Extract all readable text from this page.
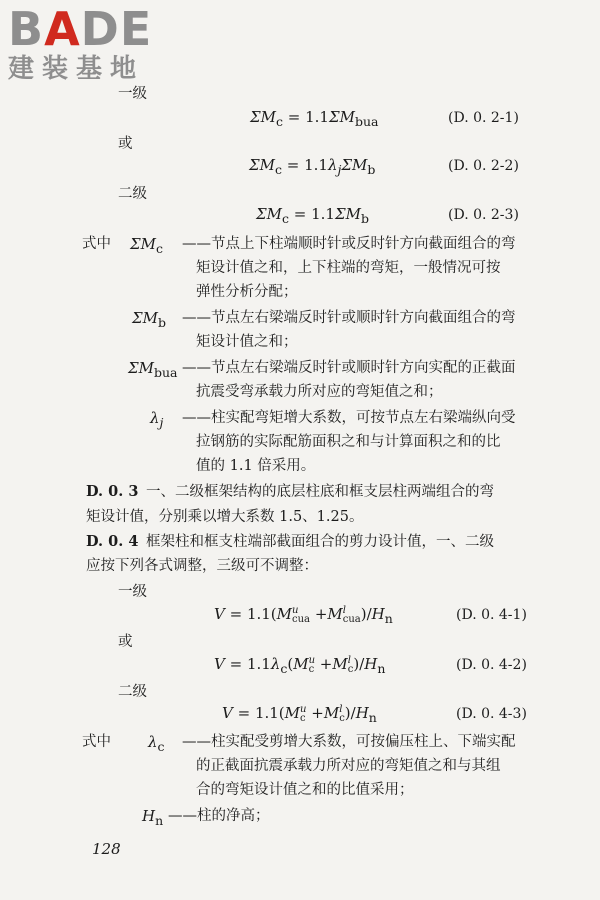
BADE
建装基地
一级
$\Sigma M_c = 1.1\Sigma M_{bua}$	(D. 0. 2-1)
或
$\Sigma M_c = 1.1\lambda_j\Sigma M_b$	(D. 0. 2-2)
二级
$\Sigma M_c = 1.1\Sigma M_b$	(D. 0. 2-3)
式中 $\Sigma M_c$ ——节点上下柱端顺时针或反时针方向截面组合的弯
矩设计值之和，上下柱端的弯矩，一般情况可按
弹性分析分配；
$\Sigma M_b$ ——节点左右梁端反时针或顺时针方向截面组合的弯
矩设计值之和；
$\Sigma M_{bua}$ ——节点左右梁端反时针或顺时针方向实配的正截面
抗震受弯承载力所对应的弯矩值之和；
$\lambda_j$ ——柱实配弯矩增大系数，可按节点左右梁端纵向受
拉钢筋的实际配筋面积之和与计算面积之和的比
值的 1.1 倍采用。
D. 0. 3 一、二级框架结构的底层柱底和框支层柱两端组合的弯
矩设计值，分别乘以增大系数 1.5、1.25。
D. 0. 4 框架柱和框支柱端部截面组合的剪力设计值，一、二级
应按下列各式调整，三级可不调整：
一级
V = 1.1(M u
cua +M l
cua )$/H_n$	(D. 0. 4-1)
或
$V = 1.1\lambda_c(M$ u
c +M l
c )$/H_n$	(D. 0. 4-2)
二级
V = 1.1(M u
c +M l
c )$/H_n$	(D. 0. 4-3)
式中 $\lambda_c$ ——柱实配受剪增大系数，可按偏压柱上、下端实配
的正截面抗震承载力所对应的弯矩值之和与其组
合的弯矩设计值之和的比值采用；
$H_n$ ——柱的净高；
128
